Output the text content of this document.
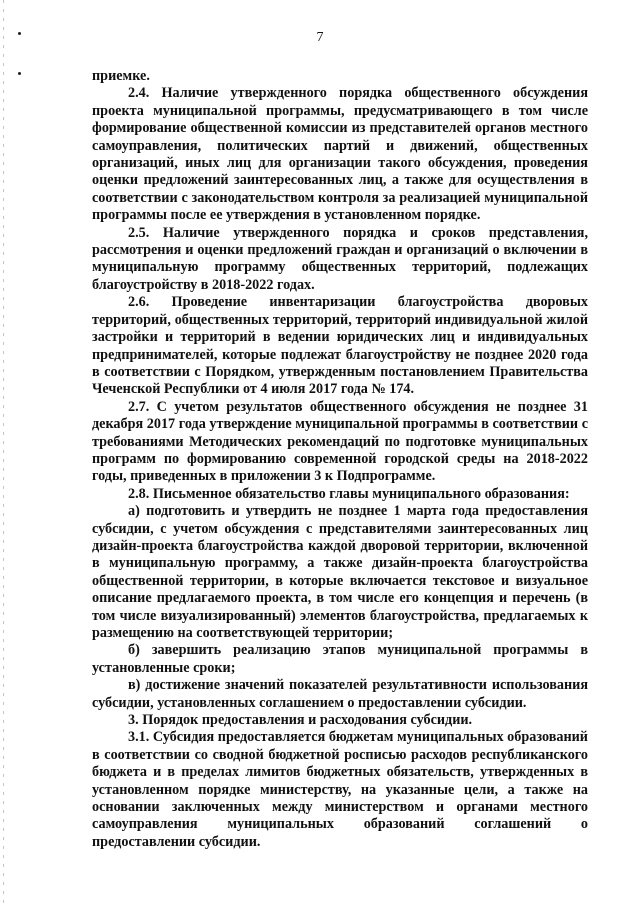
7

приемке.

2.4. Наличие утвержденного порядка общественного обсуждения проекта муниципальной программы, предусматривающего в том числе формирование общественной комиссии из представителей органов местного самоуправления, политических партий и движений, общественных организаций, иных лиц для организации такого обсуждения, проведения оценки предложений заинтересованных лиц, а также для осуществления в соответствии с законодательством контроля за реализацией муниципальной программы после ее утверждения в установленном порядке.

2.5. Наличие утвержденного порядка и сроков представления, рассмотрения и оценки предложений граждан и организаций о включении в муниципальную программу общественных территорий, подлежащих благоустройству в 2018-2022 годах.

2.6. Проведение инвентаризации благоустройства дворовых территорий, общественных территорий, территорий индивидуальной жилой застройки и территорий в ведении юридических лиц и индивидуальных предпринимателей, которые подлежат благоустройству не позднее 2020 года в соответствии с Порядком, утвержденным постановлением Правительства Чеченской Республики от 4 июля 2017 года № 174.

2.7. С учетом результатов общественного обсуждения не позднее 31 декабря 2017 года утверждение муниципальной программы в соответствии с требованиями Методических рекомендаций по подготовке муниципальных программ по формированию современной городской среды на 2018-2022 годы, приведенных в приложении 3 к Подпрограмме.

2.8. Письменное обязательство главы муниципального образования:

а) подготовить и утвердить не позднее 1 марта года предоставления субсидии, с учетом обсуждения с представителями заинтересованных лиц дизайн-проекта благоустройства каждой дворовой территории, включенной в муниципальную программу, а также дизайн-проекта благоустройства общественной территории, в которые включается текстовое и визуальное описание предлагаемого проекта, в том числе его концепция и перечень (в том числе визуализированный) элементов благоустройства, предлагаемых к размещению на соответствующей территории;

б) завершить реализацию этапов муниципальной программы в установленные сроки;

в) достижение значений показателей результативности использования субсидии, установленных соглашением о предоставлении субсидии.

3. Порядок предоставления и расходования субсидии.

3.1. Субсидия предоставляется бюджетам муниципальных образований в соответствии со сводной бюджетной росписью расходов республиканского бюджета и в пределах лимитов бюджетных обязательств, утвержденных в установленном порядке министерству, на указанные цели, а также на основании заключенных между министерством и органами местного самоуправления муниципальных образований соглашений о предоставлении субсидии.
